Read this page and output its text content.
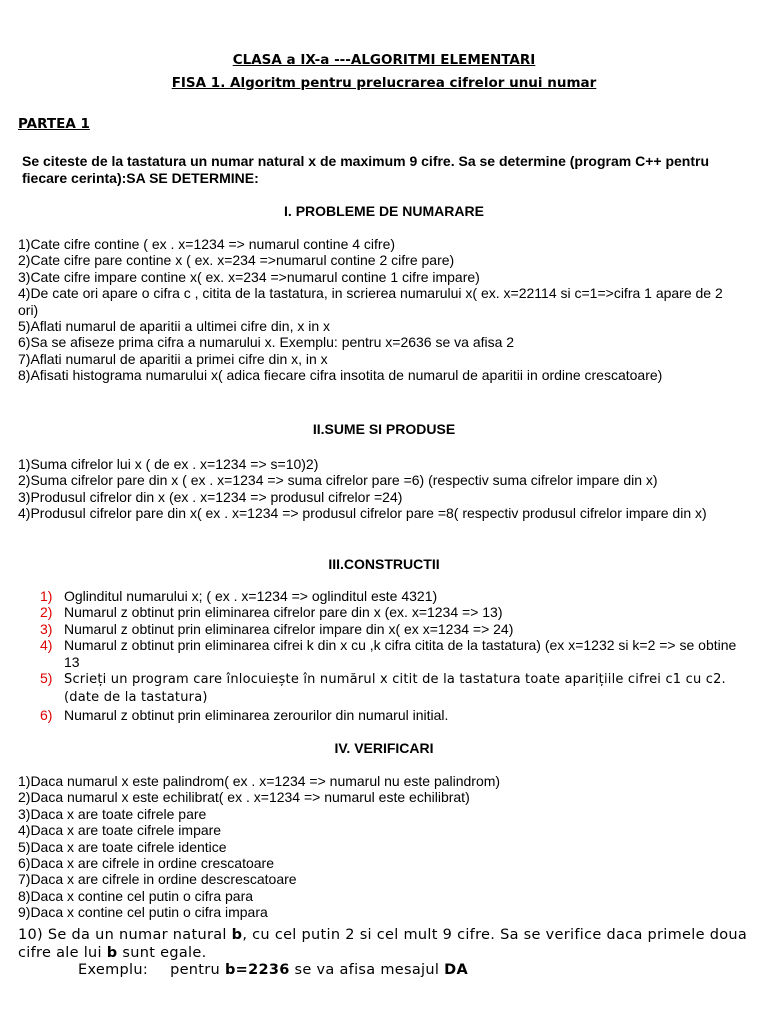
CLASA a IX-a ---ALGORITMI ELEMENTARI
FISA 1. Algoritm pentru prelucrarea cifrelor unui numar
PARTEA 1
Se citeste de la tastatura un numar natural x de maximum 9 cifre. Sa se determine (program C++ pentru fiecare cerinta):SA SE DETERMINE:
I. PROBLEME DE NUMARARE
1)Cate cifre contine ( ex . x=1234 => numarul contine 4 cifre)
2)Cate cifre pare contine x ( ex. x=234 =>numarul contine 2 cifre pare)
3)Cate cifre impare contine x( ex. x=234 =>numarul contine 1 cifre impare)
4)De cate ori apare o cifra c , citita de la tastatura, in scrierea numarului x( ex. x=22114 si c=1=>cifra 1 apare de 2 ori)
5)Aflati numarul de aparitii a ultimei cifre din, x in x
6)Sa se afiseze prima cifra a numarului x. Exemplu: pentru x=2636 se va afisa 2
7)Aflati numarul de aparitii a primei cifre din x, in x
8)Afisati histograma numarului x( adica fiecare cifra insotita de numarul de aparitii in ordine crescatoare)
II.SUME SI PRODUSE
1)Suma cifrelor lui x ( de ex . x=1234 => s=10)2)
2)Suma cifrelor pare din x ( ex . x=1234 => suma cifrelor pare =6) (respectiv suma cifrelor impare din x)
3)Produsul cifrelor din x (ex . x=1234 => produsul cifrelor =24)
4)Produsul cifrelor pare din x( ex . x=1234 => produsul cifrelor pare =8( respectiv produsul cifrelor impare din x)
III.CONSTRUCTII
1) Oglinditul numarului x; ( ex . x=1234 => oglinditul este 4321)
2) Numarul z obtinut prin eliminarea cifrelor pare din x (ex. x=1234 => 13)
3) Numarul z obtinut prin eliminarea cifrelor impare din x( ex x=1234 => 24)
4) Numarul z obtinut prin eliminarea cifrei k din x cu ,k cifra citita de la tastatura) (ex x=1232 si k=2 => se obtine 13
5) Scrieți un program care înlocuiește în numărul x citit de la tastatura toate aparițiile cifrei c1 cu c2. (date de la tastatura)
6) Numarul z obtinut prin eliminarea zerourilor din numarul initial.
IV. VERIFICARI
1)Daca numarul x este palindrom( ex . x=1234 => numarul nu este palindrom)
2)Daca numarul x este echilibrat( ex . x=1234 => numarul este echilibrat)
3)Daca x are toate cifrele pare
4)Daca x are toate cifrele impare
5)Daca x are toate cifrele identice
6)Daca x are cifrele in ordine crescatoare
7)Daca x are cifrele in ordine descrescatoare
8)Daca x contine cel putin o cifra para
9)Daca x contine cel putin o cifra impara
10) Se da un numar natural b, cu cel putin 2 si cel mult 9 cifre. Sa se verifice daca primele doua cifre ale lui b sunt egale.
Exemplu: pentru b=2236 se va afisa mesajul DA
